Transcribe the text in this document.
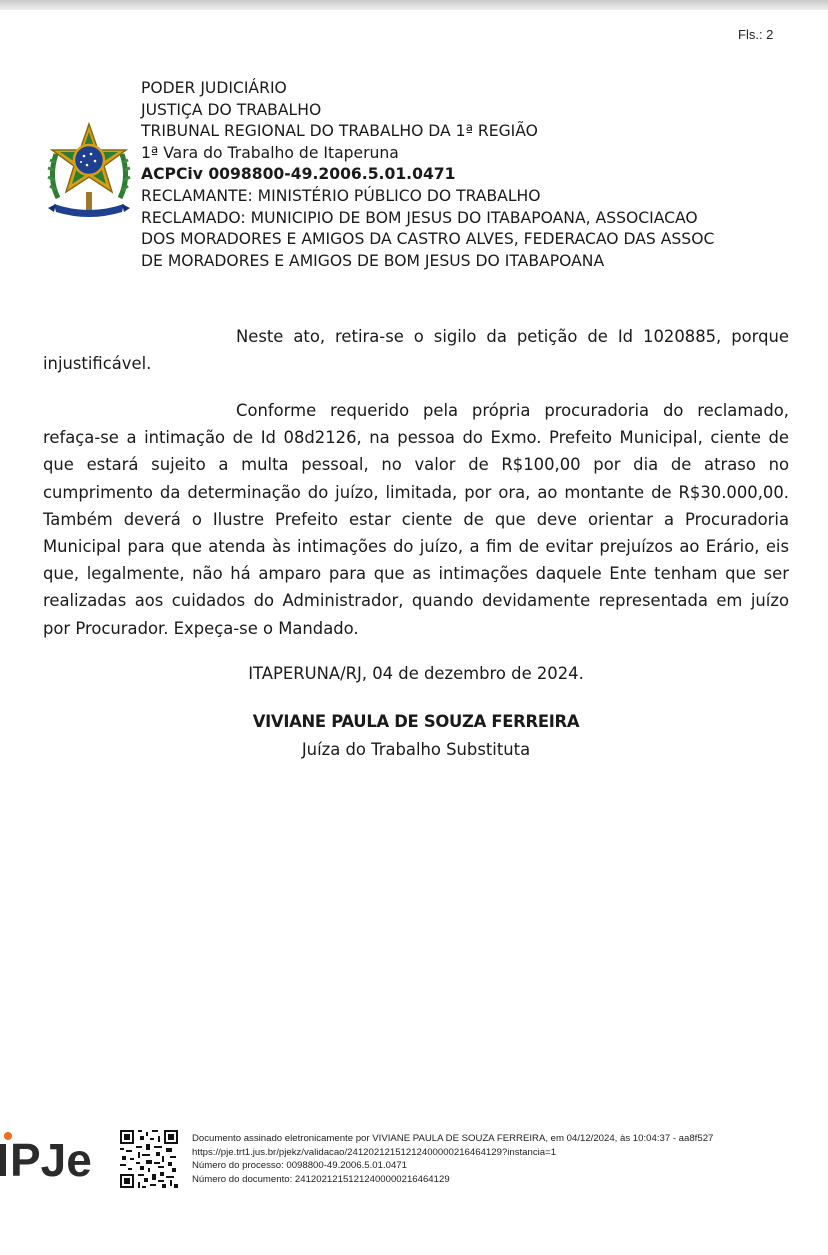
Fls.: 2
PODER JUDICIÁRIO
JUSTIÇA DO TRABALHO
TRIBUNAL REGIONAL DO TRABALHO DA 1ª REGIÃO
1ª Vara do Trabalho de Itaperuna
ACPCiv 0098800-49.2006.5.01.0471
RECLAMANTE: MINISTÉRIO PÚBLICO DO TRABALHO
RECLAMADO: MUNICIPIO DE BOM JESUS DO ITABAPOANA, ASSOCIACAO
DOS MORADORES E AMIGOS DA CASTRO ALVES, FEDERACAO DAS ASSOC
DE MORADORES E AMIGOS DE BOM JESUS DO ITABAPOANA
Neste ato, retira-se o sigilo da petição de Id 1020885, porque injustificável.
Conforme requerido pela própria procuradoria do reclamado, refaça-se a intimação de Id 08d2126, na pessoa do Exmo. Prefeito Municipal, ciente de que estará sujeito a multa pessoal, no valor de R$100,00 por dia de atraso no cumprimento da determinação do juízo, limitada, por ora, ao montante de R$30.000,00. Também deverá o Ilustre Prefeito estar ciente de que deve orientar a Procuradoria Municipal para que atenda às intimações do juízo, a fim de evitar prejuízos ao Erário, eis que, legalmente, não há amparo para que as intimações daquele Ente tenham que ser realizadas aos cuidados do Administrador, quando devidamente representada em juízo por Procurador. Expeça-se o Mandado.
ITAPERUNA/RJ, 04 de dezembro de 2024.
VIVIANE PAULA DE SOUZA FERREIRA
Juíza do Trabalho Substituta
PJe	Documento assinado eletronicamente por VIVIANE PAULA DE SOUZA FERREIRA, em 04/12/2024, às 10:04:37 - aa8f527
https://pje.trt1.jus.br/pjekz/validacao/24120212151212400000216464129?instancia=1
Número do processo: 0098800-49.2006.5.01.0471
Número do documento: 24120212151212400000216464129
